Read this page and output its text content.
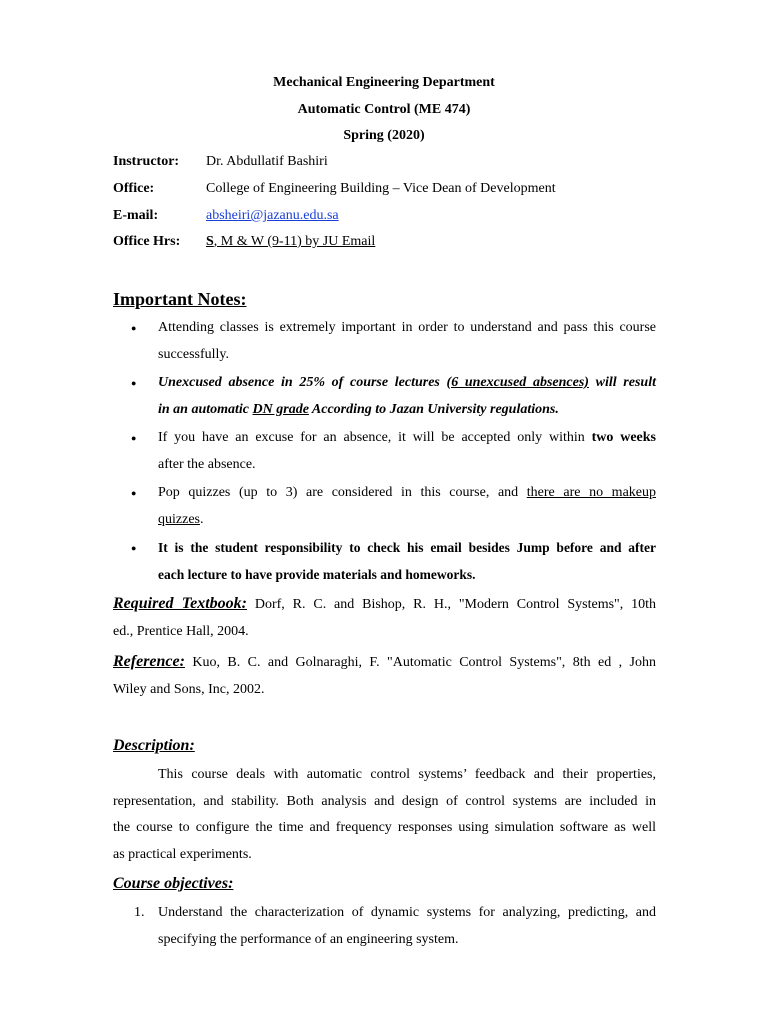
Mechanical Engineering Department
Automatic Control (ME 474)
Spring (2020)
Instructor: Dr. Abdullatif Bashiri
Office:	College of Engineering Building – Vice Dean of Development
E-mail:	absheiri@jazanu.edu.sa
Office Hrs: S, M & W (9-11) by JU Email
Important Notes:
● Attending classes is extremely important in order to understand and pass this course
successfully.
● Unexcused absence in 25% of course lectures (6 unexcused absences) will result
in an automatic DN grade According to Jazan University regulations.
● If you have an excuse for an absence, it will be accepted only within two weeks
after the absence.
● Pop quizzes (up to 3) are considered in this course, and there are no makeup
quizzes.
● It is the student responsibility to check his email besides Jump before and after
each lecture to have provide materials and homeworks.
Required Textbook: Dorf, R. C. and Bishop, R. H., "Modern Control Systems", 10th
ed., Prentice Hall, 2004.
Reference: Kuo, B. C. and Golnaraghi, F. "Automatic Control Systems", 8th ed , John
Wiley and Sons, Inc, 2002.
Description:
This course deals with automatic control systems’ feedback and their properties,
representation, and stability. Both analysis and design of control systems are included in
the course to configure the time and frequency responses using simulation software as well
as practical experiments.
Course objectives:
1. Understand the characterization of dynamic systems for analyzing, predicting, and
specifying the performance of an engineering system.
